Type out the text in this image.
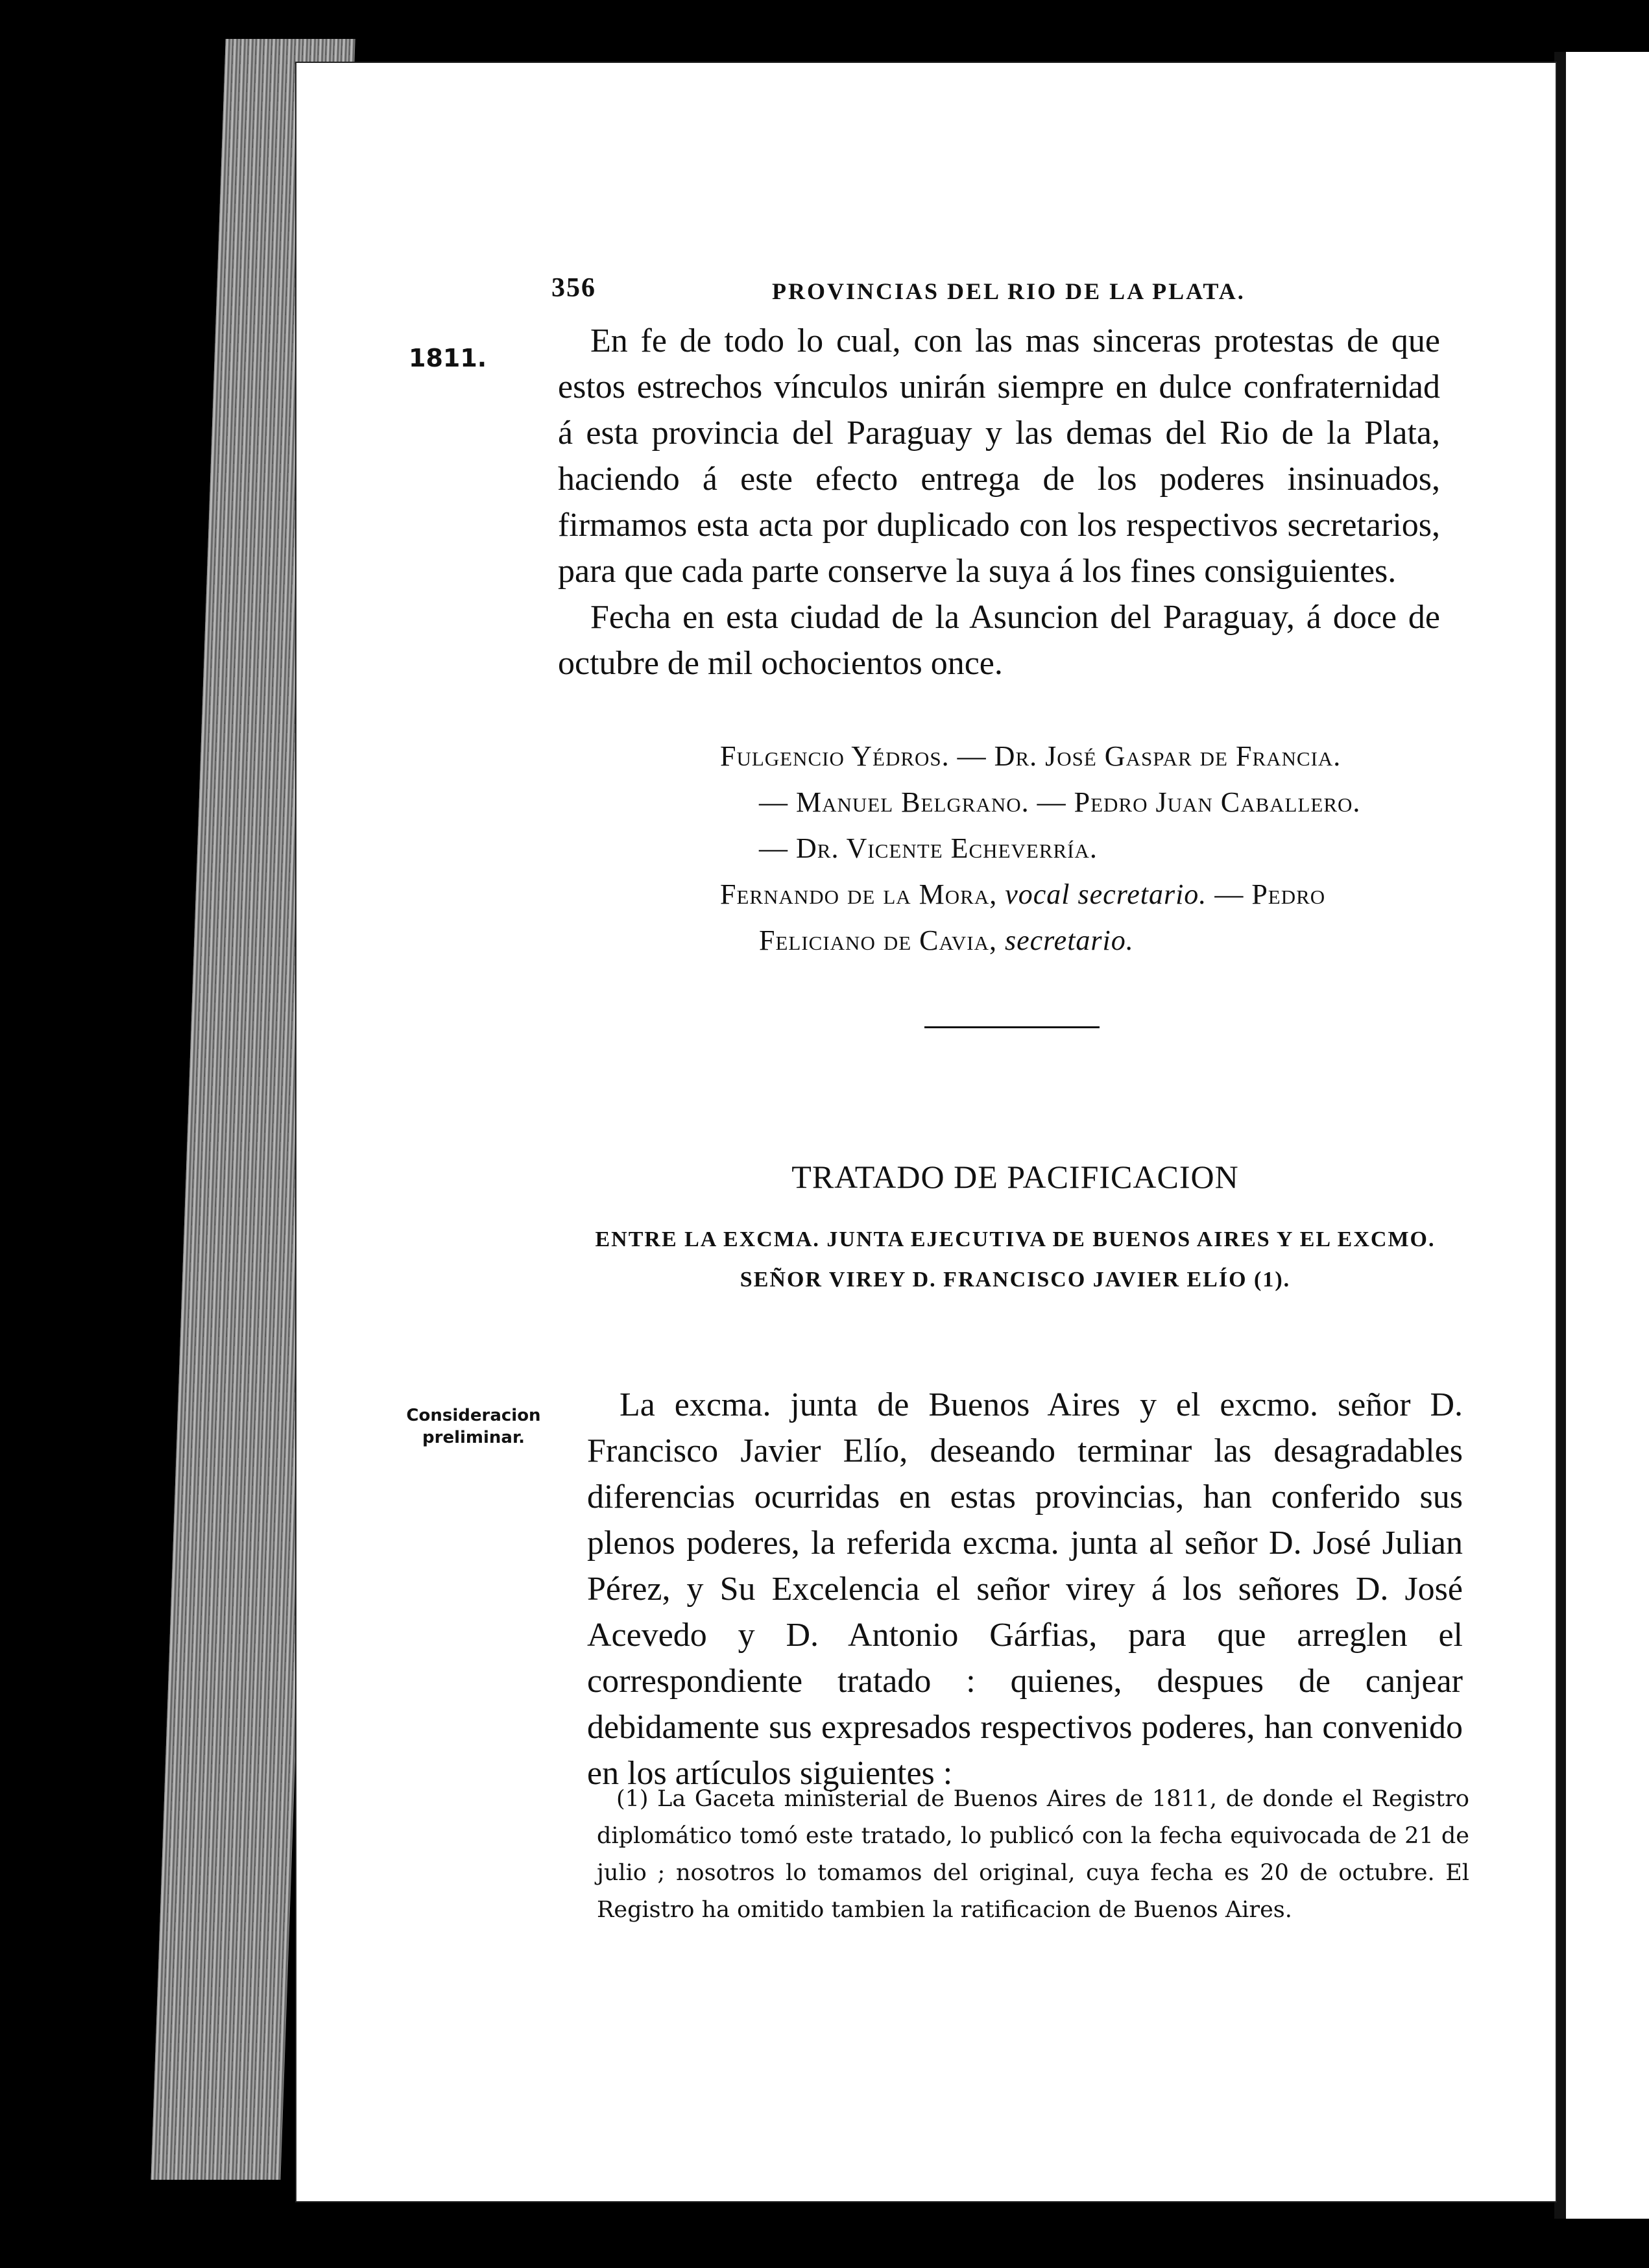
356	PROVINCIAS DEL RIO DE LA PLATA.
1811.	En fe de todo lo cual, con las mas sinceras protestas de que estos estrechos vínculos unirán siempre en dulce confraternidad á esta provincia del Paraguay y las demas del Rio de la Plata, haciendo á este efecto entrega de los poderes insinuados, firmamos esta acta por duplicado con los respectivos secretarios, para que cada parte conserve la suya á los fines consiguientes.

Fecha en esta ciudad de la Asuncion del Paraguay, á doce de octubre de mil ochocientos once.

Fulgencio Yédros. — Dr. José Gaspar de Francia.
— Manuel Belgrano. — Pedro Juan Caballero.
— Dr. Vicente Echeverría.
Fernando de la Mora, vocal secretario. — Pedro
Feliciano de Cavia, secretario.
TRATADO DE PACIFICACION
ENTRE LA EXCMA. JUNTA EJECUTIVA DE BUENOS AIRES Y EL EXCMO.
SEÑOR VIREY D. FRANCISCO JAVIER ELÍO (1).
Consideracion
preliminar.

La excma. junta de Buenos Aires y el excmo. señor D. Francisco Javier Elío, deseando terminar las desagradables diferencias ocurridas en estas provincias, han conferido sus plenos poderes, la referida excma. junta al señor D. José Julian Pérez, y Su Excelencia el señor virey á los señores D. José Acevedo y D. Antonio Gárfias, para que arreglen el correspondiente tratado : quienes, despues de canjear debidamente sus expresados respectivos poderes, han convenido en los artículos siguientes :

(1) La Gaceta ministerial de Buenos Aires de 1811, de donde el Registro diplomático tomó este tratado, lo publicó con la fecha equivocada de 21 de julio ; nosotros lo tomamos del original, cuya fecha es 20 de octubre. El Registro ha omitido tambien la ratificacion de Buenos Aires.
